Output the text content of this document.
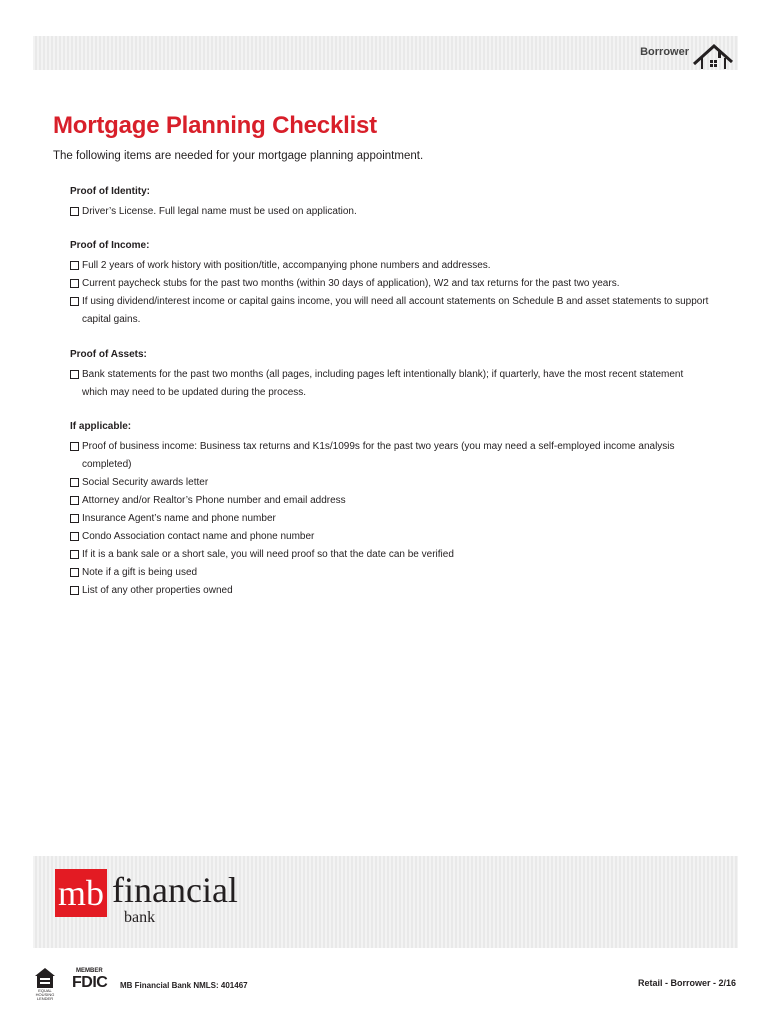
Borrower
Mortgage Planning Checklist

The following items are needed for your mortgage planning appointment.

Proof of Identity:

Driver’s License. Full legal name must be used on application.

Proof of Income:

Full 2 years of work history with position/title, accompanying phone numbers and addresses.

Current paycheck stubs for the past two months (within 30 days of application), W2 and tax returns for the past two years.

If using dividend/interest income or capital gains income, you will need all account statements on Schedule B and asset statements to support capital gains.

Proof of Assets:

Bank statements for the past two months (all pages, including pages left intentionally blank); if quarterly, have the most recent statement which may need to be updated during the process.

If applicable:

Proof of business income: Business tax returns and K1s/1099s for the past two years (you may need a self-employed income analysis completed)

Social Security awards letter

Attorney and/or Realtor’s Phone number and email address

Insurance Agent’s name and phone number

Condo Association contact name and phone number

If it is a bank sale or a short sale, you will need proof so that the date can be verified

Note if a gift is being used

List of any other properties owned

mb financial
bank
EQUAL HOUSING LENDER
MEMBER
FDIC MB Financial Bank NMLS: 401467	Retail - Borrower - 2/16
